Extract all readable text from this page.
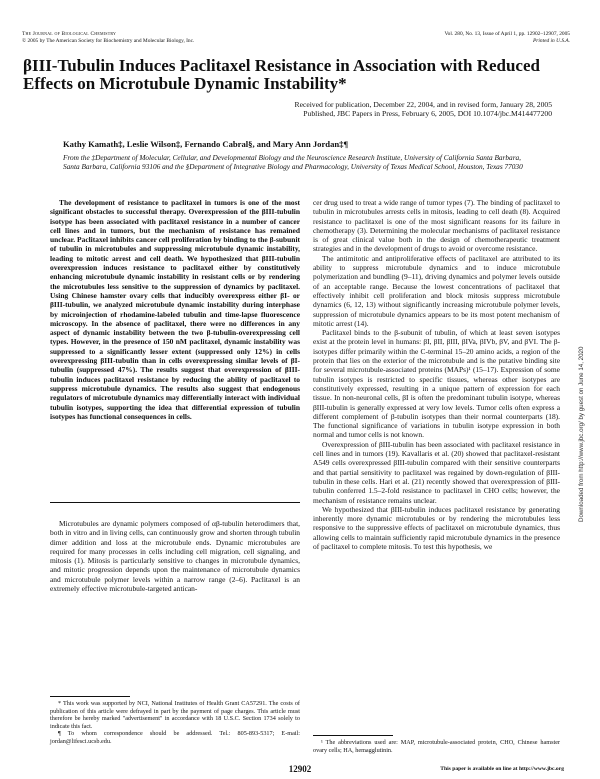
The Journal of Biological Chemistry
© 2005 by The American Society for Biochemistry and Molecular Biology, Inc.
Vol. 280, No. 13, Issue of April 1, pp. 12902–12907, 2005
Printed in U.S.A.
βIII-Tubulin Induces Paclitaxel Resistance in Association with Reduced Effects on Microtubule Dynamic Instability*
Received for publication, December 22, 2004, and in revised form, January 28, 2005
Published, JBC Papers in Press, February 6, 2005, DOI 10.1074/jbc.M414477200
Kathy Kamath‡, Leslie Wilson‡, Fernando Cabral§, and Mary Ann Jordan‡¶
From the ‡Department of Molecular, Cellular, and Developmental Biology and the Neuroscience Research Institute, University of California Santa Barbara, Santa Barbara, California 93106 and the §Department of Integrative Biology and Pharmacology, University of Texas Medical School, Houston, Texas 77030
The development of resistance to paclitaxel in tumors is one of the most significant obstacles to successful therapy. Overexpression of the βIII-tubulin isotype has been associated with paclitaxel resistance in a number of cancer cell lines and in tumors, but the mechanism of resistance has remained unclear. Paclitaxel inhibits cancer cell proliferation by binding to the β-subunit of tubulin in microtubules and suppressing microtubule dynamic instability, leading to mitotic arrest and cell death. We hypothesized that βIII-tubulin overexpression induces resistance to paclitaxel either by constitutively enhancing microtubule dynamic instability in resistant cells or by rendering the microtubules less sensitive to the suppression of dynamics by paclitaxel. Using Chinese hamster ovary cells that inducibly overexpress either βI- or βIII-tubulin, we analyzed microtubule dynamic instability during interphase by microinjection of rhodamine-labeled tubulin and time-lapse fluorescence microscopy. In the absence of paclitaxel, there were no differences in any aspect of dynamic instability between the two β-tubulin-overexpressing cell types. However, in the presence of 150 nM paclitaxel, dynamic instability was suppressed to a significantly lesser extent (suppressed only 12%) in cells overexpressing βIII-tubulin than in cells overexpressing similar levels of βI-tubulin (suppressed 47%). The results suggest that overexpression of βIII-tubulin induces paclitaxel resistance by reducing the ability of paclitaxel to suppress microtubule dynamics. The results also suggest that endogenous regulators of microtubule dynamics may differentially interact with individual tubulin isotypes, supporting the idea that differential expression of tubulin isotypes has functional consequences in cells.
Microtubules are dynamic polymers composed of αβ-tubulin heterodimers that, both in vitro and in living cells, can continuously grow and shorten through tubulin dimer addition and loss at the microtubule ends. Dynamic microtubules are required for many processes in cells including cell migration, cell signaling, and mitosis (1). Mitosis is particularly sensitive to changes in microtubule dynamics, and mitotic progression depends upon the maintenance of microtubule dynamics and microtubule polymer levels within a narrow range (2–6). Paclitaxel is an extremely effective microtubule-targeted antican-

* This work was supported by NCI, National Institutes of Health Grant CA57291. The costs of publication of this article were defrayed in part by the payment of page charges. This article must therefore be hereby marked "advertisement" in accordance with 18 U.S.C. Section 1734 solely to indicate this fact.

¶ To whom correspondence should be addressed. Tel.: 805-893-5317; E-mail: jordan@lifesci.ucsb.edu.

cer drug used to treat a wide range of tumor types (7). The binding of paclitaxel to tubulin in microtubules arrests cells in mitosis, leading to cell death (8). Acquired resistance to paclitaxel is one of the most significant reasons for its failure in chemotherapy (3). Determining the molecular mechanisms of paclitaxel resistance is of great clinical value both in the design of chemotherapeutic treatment strategies and in the development of drugs to avoid or overcome resistance.

The antimitotic and antiproliferative effects of paclitaxel are attributed to its ability to suppress microtubule dynamics and to induce microtubule polymerization and bundling (9–11), driving dynamics and polymer levels outside of an acceptable range. Because the lowest concentrations of paclitaxel that effectively inhibit cell proliferation and block mitosis suppress microtubule dynamics (6, 12, 13) without significantly increasing microtubule polymer levels, suppression of microtubule dynamics appears to be its most potent mechanism of mitotic arrest (14).

Paclitaxel binds to the β-subunit of tubulin, of which at least seven isotypes exist at the protein level in humans: βI, βII, βIII, βIVa, βIVb, βV, and βVI. The β-isotypes differ primarily within the C-terminal 15–20 amino acids, a region of the protein that lies on the exterior of the microtubule and is the putative binding site for several microtubule-associated proteins (MAPs)¹ (15–17). Expression of some tubulin isotypes is restricted to specific tissues, whereas other isotypes are constitutively expressed, resulting in a unique pattern of expression for each tissue. In non-neuronal cells, βI is often the predominant tubulin isotype, whereas βIII-tubulin is generally expressed at very low levels. Tumor cells often express a different complement of β-tubulin isotypes than their normal counterparts (18). The functional significance of variations in tubulin isotype expression in both normal and tumor cells is not known.

Overexpression of βIII-tubulin has been associated with paclitaxel resistance in cell lines and in tumors (19). Kavallaris et al. (20) showed that paclitaxel-resistant A549 cells overexpressed βIII-tubulin compared with their sensitive counterparts and that partial sensitivity to paclitaxel was regained by down-regulation of βIII-tubulin in these cells. Hari et al. (21) recently showed that overexpression of βIII-tubulin conferred 1.5–2-fold resistance to paclitaxel in CHO cells; however, the mechanism of resistance remains unclear.

We hypothesized that βIII-tubulin induces paclitaxel resistance by generating inherently more dynamic microtubules or by rendering the microtubules less responsive to the suppressive effects of paclitaxel on microtubule dynamics, thus allowing cells to maintain sufficiently rapid microtubule dynamics in the presence of paclitaxel to complete mitosis. To test this hypothesis, we

¹ The abbreviations used are: MAP, microtubule-associated protein, CHO, Chinese hamster ovary cells; HA, hemagglutinin.
12902	This paper is available on line at http://www.jbc.org
Downloaded from http://www.jbc.org/ by guest on June 14, 2020
